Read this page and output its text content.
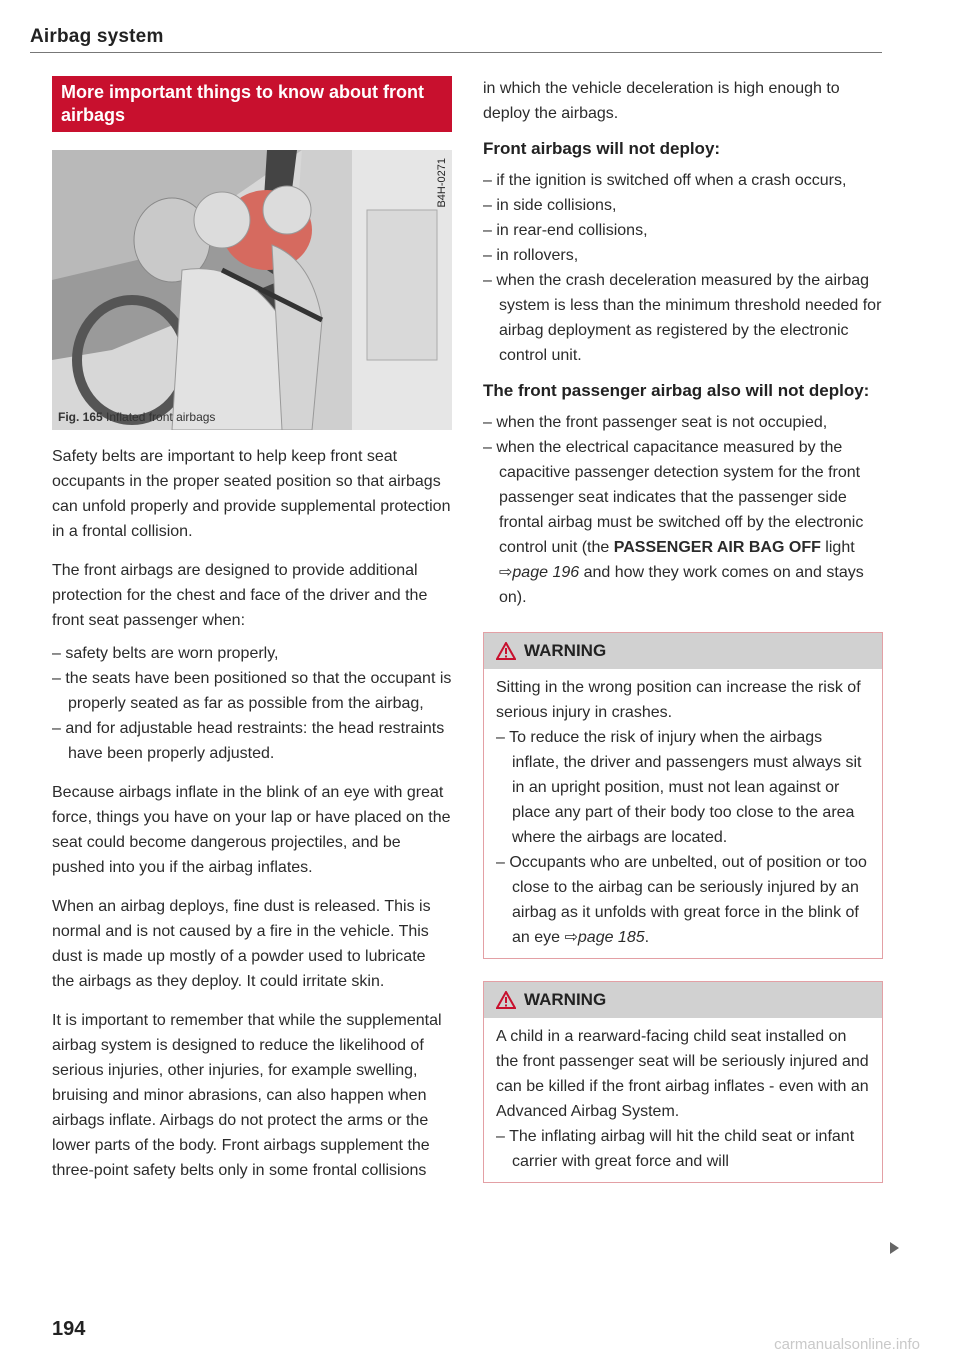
Airbag system
More important things to know about front airbags
B4H-0271
Fig. 165 Inflated front airbags

Safety belts are important to help keep front seat occupants in the proper seated position so that airbags can unfold properly and provide supplemental protection in a frontal collision.

The front airbags are designed to provide additional protection for the chest and face of the driver and the front seat passenger when:

– safety belts are worn properly,
– the seats have been positioned so that the occupant is properly seated as far as possible from the airbag,
– and for adjustable head restraints: the head restraints have been properly adjusted.

Because airbags inflate in the blink of an eye with great force, things you have on your lap or have placed on the seat could become dangerous projectiles, and be pushed into you if the airbag inflates.

When an airbag deploys, fine dust is released. This is normal and is not caused by a fire in the vehicle. This dust is made up mostly of a powder used to lubricate the airbags as they deploy. It could irritate skin.

It is important to remember that while the supplemental airbag system is designed to reduce the likelihood of serious injuries, other injuries, for example swelling, bruising and minor abrasions, can also happen when airbags inflate. Airbags do not protect the arms or the lower parts of the body. Front airbags supplement the three-point safety belts only in some frontal collisions

in which the vehicle deceleration is high enough to deploy the airbags.

Front airbags will not deploy:
– if the ignition is switched off when a crash occurs,
– in side collisions,
– in rear-end collisions,
– in rollovers,
– when the crash deceleration measured by the airbag system is less than the minimum threshold needed for airbag deployment as registered by the electronic control unit.
The front passenger airbag also will not deploy:
– when the front passenger seat is not occupied,
– when the electrical capacitance measured by the capacitive passenger detection system for the front passenger seat indicates that the passenger side frontal airbag must be switched off by the electronic control unit (the PASSENGER AIR BAG OFF light ⇨page 196 and how they work comes on and stays on).
WARNING

Sitting in the wrong position can increase the risk of serious injury in crashes.

– To reduce the risk of injury when the airbags inflate, the driver and passengers must always sit in an upright position, must not lean against or place any part of their body too close to the area where the airbags are located.
– Occupants who are unbelted, out of position or too close to the airbag can be seriously injured by an airbag as it unfolds with great force in the blink of an eye ⇨page 185.
WARNING

A child in a rearward-facing child seat installed on the front passenger seat will be seriously injured and can be killed if the front airbag inflates - even with an Advanced Airbag System.

– The inflating airbag will hit the child seat or infant carrier with great force and will
194
carmanualsonline.info
